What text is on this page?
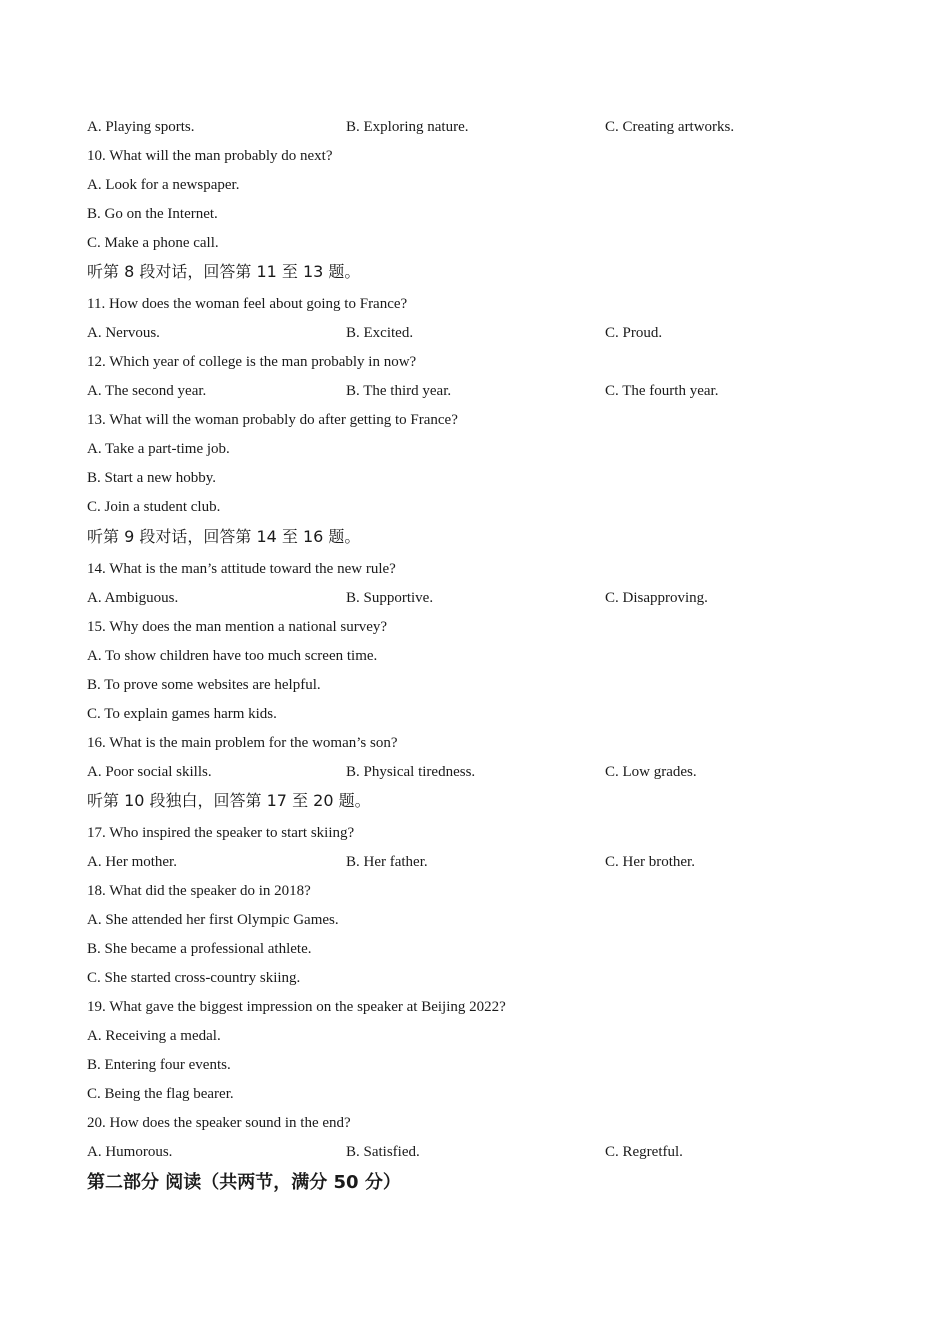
A. Playing sports.	B. Exploring nature.	C. Creating artworks.
10. What will the man probably do next?
A. Look for a newspaper.
B. Go on the Internet.
C. Make a phone call.
听第 8 段对话，回答第 11 至 13 题。
11. How does the woman feel about going to France?
A. Nervous.	B. Excited.	C. Proud.
12. Which year of college is the man probably in now?
A. The second year.	B. The third year.	C. The fourth year.
13. What will the woman probably do after getting to France?
A. Take a part-time job.
B. Start a new hobby.
C. Join a student club.
听第 9 段对话，回答第 14 至 16 题。
14. What is the man’s attitude toward the new rule?
A. Ambiguous.	B. Supportive.	C. Disapproving.
15. Why does the man mention a national survey?
A. To show children have too much screen time.
B. To prove some websites are helpful.
C. To explain games harm kids.
16. What is the main problem for the woman’s son?
A. Poor social skills.	B. Physical tiredness.	C. Low grades.
听第 10 段独白，回答第 17 至 20 题。
17. Who inspired the speaker to start skiing?
A. Her mother.	B. Her father.	C. Her brother.
18. What did the speaker do in 2018?
A. She attended her first Olympic Games.
B. She became a professional athlete.
C. She started cross-country skiing.
19. What gave the biggest impression on the speaker at Beijing 2022?
A. Receiving a medal.
B. Entering four events.
C. Being the flag bearer.
20. How does the speaker sound in the end?
A. Humorous.	B. Satisfied.	C. Regretful.
第二部分 阅读（共两节，满分 50 分）
